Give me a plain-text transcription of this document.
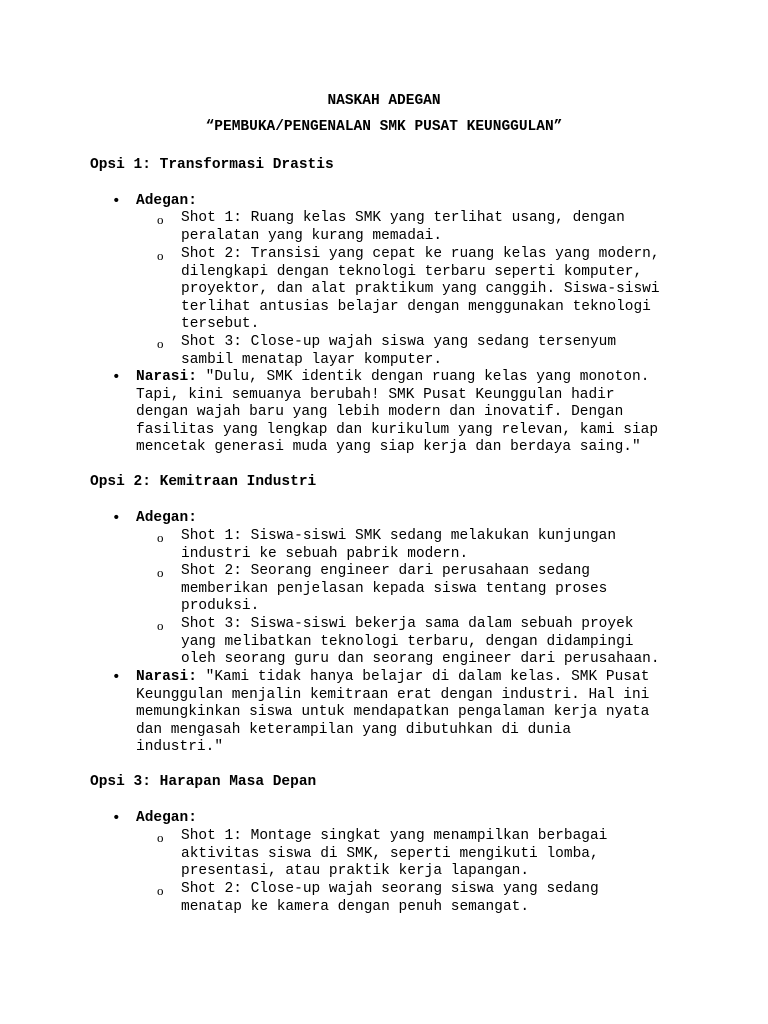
NASKAH ADEGAN
“PEMBUKA/PENGENALAN SMK PUSAT KEUNGGULAN”
Opsi 1: Transformasi Drastis
• Adegan:
o Shot 1: Ruang kelas SMK yang terlihat usang, dengan
peralatan yang kurang memadai.
o Shot 2: Transisi yang cepat ke ruang kelas yang modern,
dilengkapi dengan teknologi terbaru seperti komputer,
proyektor, dan alat praktikum yang canggih. Siswa-siswi
terlihat antusias belajar dengan menggunakan teknologi
tersebut.
o Shot 3: Close-up wajah siswa yang sedang tersenyum
sambil menatap layar komputer.
• Narasi: "Dulu, SMK identik dengan ruang kelas yang monoton.
Tapi, kini semuanya berubah! SMK Pusat Keunggulan hadir
dengan wajah baru yang lebih modern dan inovatif. Dengan
fasilitas yang lengkap dan kurikulum yang relevan, kami siap
mencetak generasi muda yang siap kerja dan berdaya saing."
Opsi 2: Kemitraan Industri
• Adegan:
o Shot 1: Siswa-siswi SMK sedang melakukan kunjungan
industri ke sebuah pabrik modern.
o Shot 2: Seorang engineer dari perusahaan sedang
memberikan penjelasan kepada siswa tentang proses
produksi.
o Shot 3: Siswa-siswi bekerja sama dalam sebuah proyek
yang melibatkan teknologi terbaru, dengan didampingi
oleh seorang guru dan seorang engineer dari perusahaan.
• Narasi: "Kami tidak hanya belajar di dalam kelas. SMK Pusat
Keunggulan menjalin kemitraan erat dengan industri. Hal ini
memungkinkan siswa untuk mendapatkan pengalaman kerja nyata
dan mengasah keterampilan yang dibutuhkan di dunia
industri."
Opsi 3: Harapan Masa Depan
• Adegan:
o Shot 1: Montage singkat yang menampilkan berbagai
aktivitas siswa di SMK, seperti mengikuti lomba,
presentasi, atau praktik kerja lapangan.
o Shot 2: Close-up wajah seorang siswa yang sedang
menatap ke kamera dengan penuh semangat.
